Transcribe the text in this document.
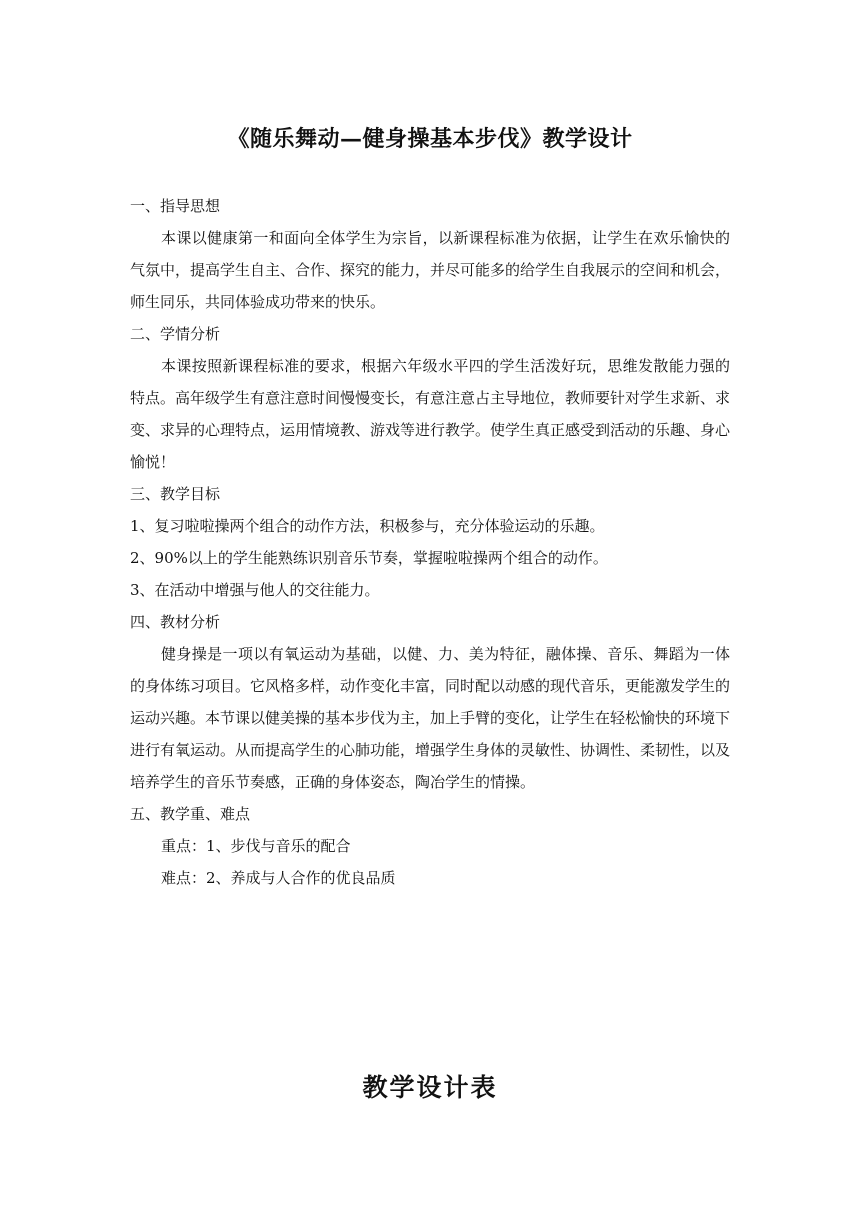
《随乐舞动—健身操基本步伐》教学设计

一、指导思想

本课以健康第一和面向全体学生为宗旨，以新课程标准为依据，让学生在欢乐愉快的气氛中，提高学生自主、合作、探究的能力，并尽可能多的给学生自我展示的空间和机会，师生同乐，共同体验成功带来的快乐。

二、学情分析

本课按照新课程标准的要求，根据六年级水平四的学生活泼好玩，思维发散能力强的特点。高年级学生有意注意时间慢慢变长，有意注意占主导地位，教师要针对学生求新、求变、求异的心理特点，运用情境教、游戏等进行教学。使学生真正感受到活动的乐趣、身心愉悦！

三、教学目标

1、复习啦啦操两个组合的动作方法，积极参与，充分体验运动的乐趣。

2、90%以上的学生能熟练识别音乐节奏，掌握啦啦操两个组合的动作。

3、在活动中增强与他人的交往能力。

四、教材分析

健身操是一项以有氧运动为基础，以健、力、美为特征，融体操、音乐、舞蹈为一体的身体练习项目。它风格多样，动作变化丰富，同时配以动感的现代音乐，更能激发学生的运动兴趣。本节课以健美操的基本步伐为主，加上手臂的变化，让学生在轻松愉快的环境下进行有氧运动。从而提高学生的心肺功能，增强学生身体的灵敏性、协调性、柔韧性，以及培养学生的音乐节奏感，正确的身体姿态，陶冶学生的情操。

五、教学重、难点

重点：1、步伐与音乐的配合

难点：2、养成与人合作的优良品质

教学设计表
